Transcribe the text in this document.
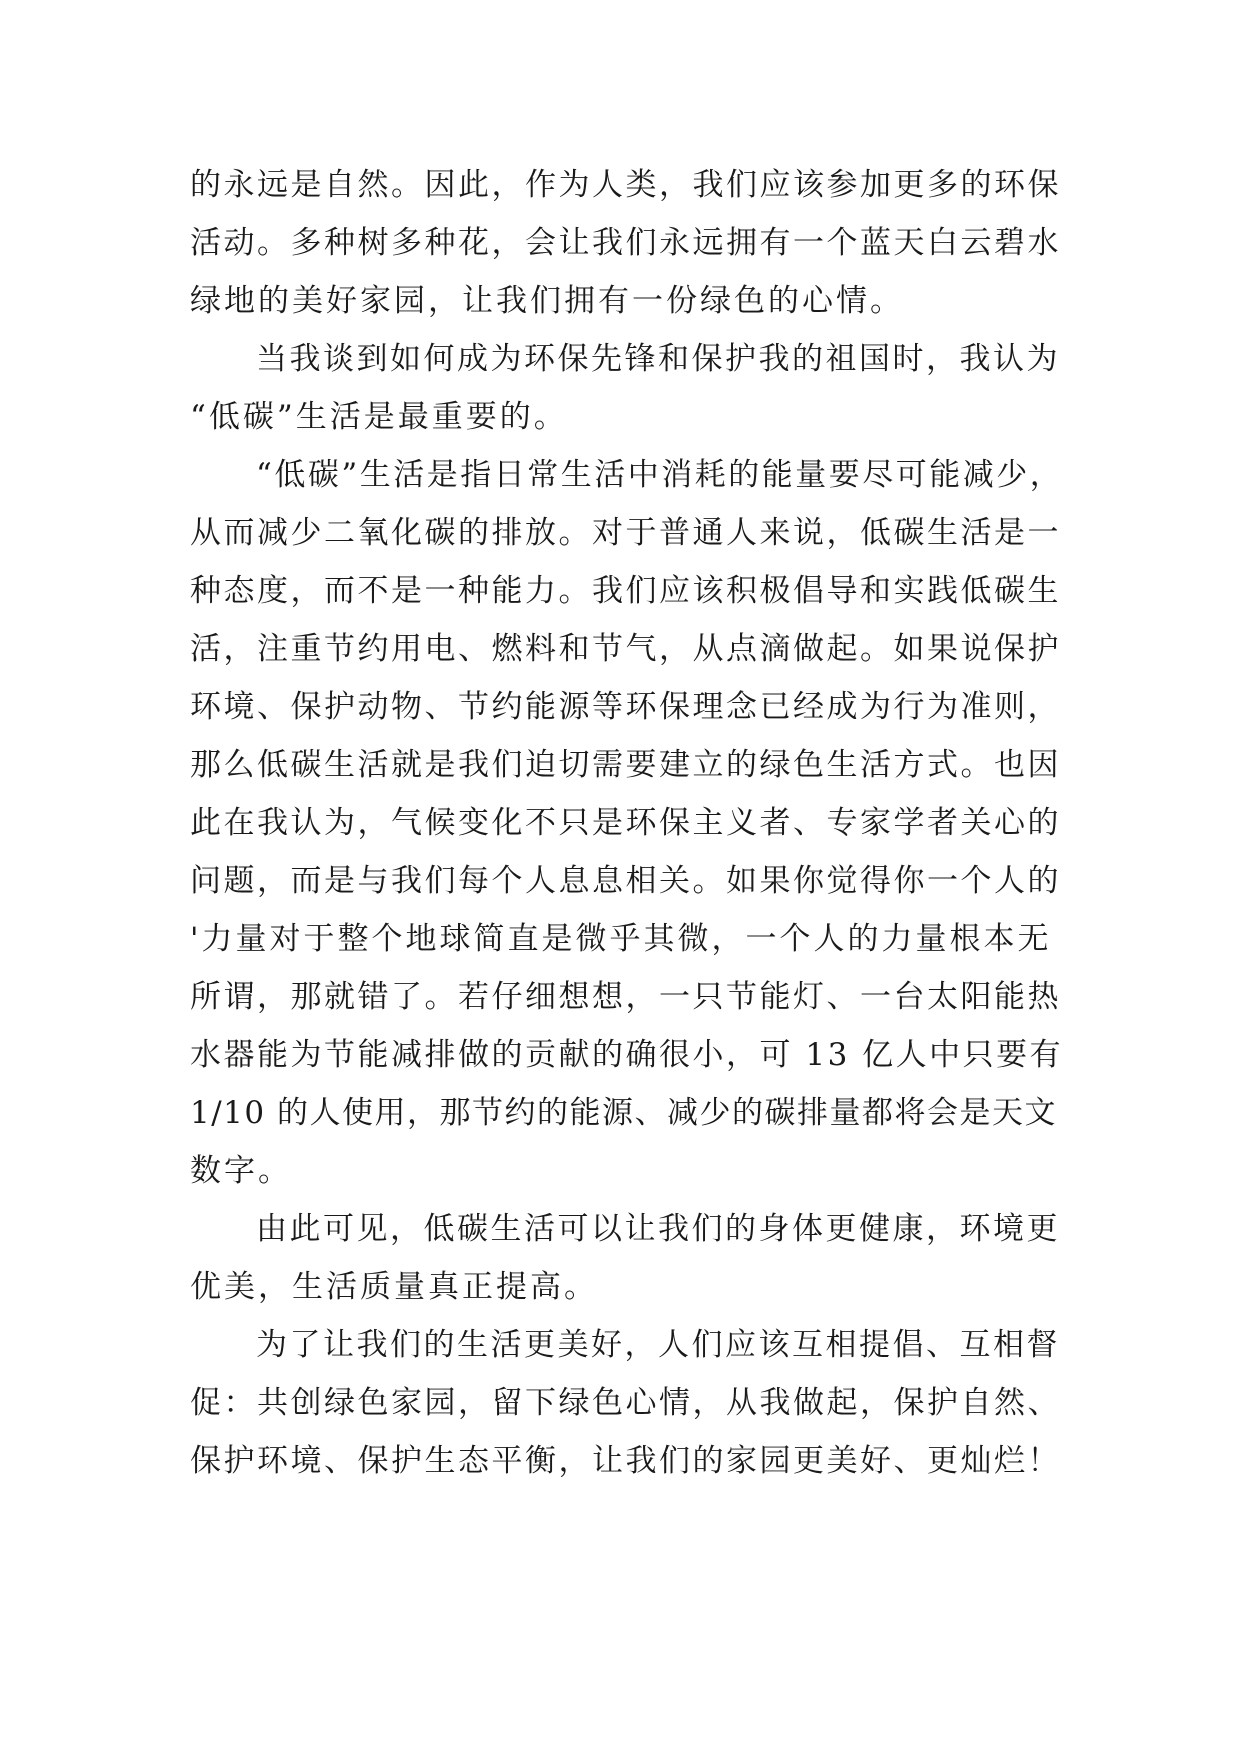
的永远是自然。因此，作为人类，我们应该参加更多的环保
活动。多种树多种花，会让我们永远拥有一个蓝天白云碧水
绿地的美好家园，让我们拥有一份绿色的心情。
当我谈到如何成为环保先锋和保护我的祖国时，我认为
“低碳”生活是最重要的。
“低碳”生活是指日常生活中消耗的能量要尽可能减少，
从而减少二氧化碳的排放。对于普通人来说，低碳生活是一
种态度，而不是一种能力。我们应该积极倡导和实践低碳生
活，注重节约用电、燃料和节气，从点滴做起。如果说保护
环境、保护动物、节约能源等环保理念已经成为行为准则，
那么低碳生活就是我们迫切需要建立的绿色生活方式。也因
此在我认为，气候变化不只是环保主义者、专家学者关心的
问题，而是与我们每个人息息相关。如果你觉得你一个人的
'力量对于整个地球简直是微乎其微，一个人的力量根本无
所谓，那就错了。若仔细想想，一只节能灯、一台太阳能热
水器能为节能减排做的贡献的确很小，可 13 亿人中只要有
1/10 的人使用，那节约的能源、减少的碳排量都将会是天文
数字。
由此可见，低碳生活可以让我们的身体更健康，环境更
优美，生活质量真正提高。
为了让我们的生活更美好，人们应该互相提倡、互相督
促：共创绿色家园，留下绿色心情，从我做起，保护自然、
保护环境、保护生态平衡，让我们的家园更美好、更灿烂！
